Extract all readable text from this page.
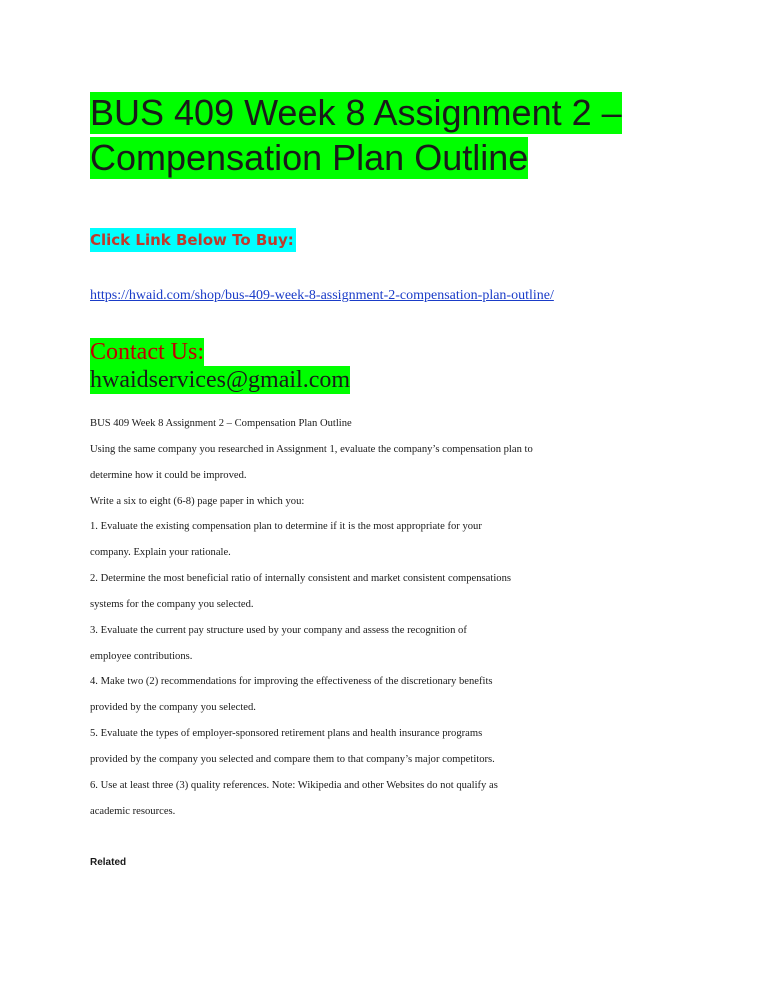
BUS 409 Week 8 Assignment 2 –
Compensation Plan Outline
Click Link Below To Buy:
https://hwaid.com/shop/bus-409-week-8-assignment-2-compensation-plan-outline/
Contact Us:
hwaidservices@gmail.com
BUS 409 Week 8 Assignment 2 – Compensation Plan Outline
Using the same company you researched in Assignment 1, evaluate the company’s compensation plan to
determine how it could be improved.
Write a six to eight (6-8) page paper in which you:
1. Evaluate the existing compensation plan to determine if it is the most appropriate for your
company. Explain your rationale.
2. Determine the most beneficial ratio of internally consistent and market consistent compensations
systems for the company you selected.
3. Evaluate the current pay structure used by your company and assess the recognition of
employee contributions.
4. Make two (2) recommendations for improving the effectiveness of the discretionary benefits
provided by the company you selected.
5. Evaluate the types of employer-sponsored retirement plans and health insurance programs
provided by the company you selected and compare them to that company’s major competitors.
6. Use at least three (3) quality references. Note: Wikipedia and other Websites do not qualify as
academic resources.
Related
